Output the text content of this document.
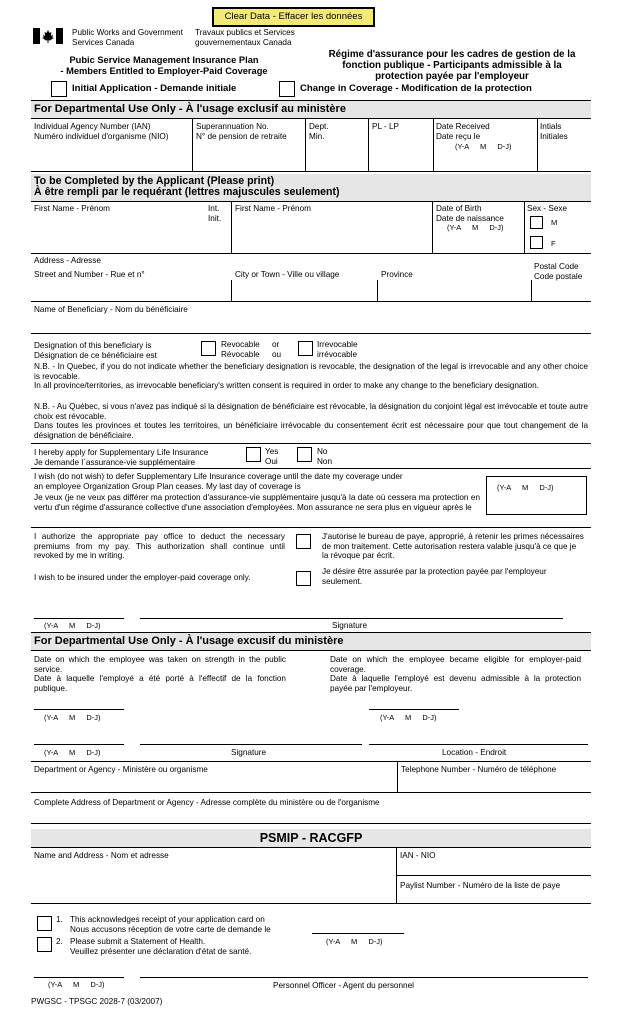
Clear Data - Effacer les données
Public Works and Government
Services Canada
Travaux publics et Services
gouvernementaux Canada
Pubic Service Management Insurance Plan
- Members Entitled to Employer-Paid Coverage
Régime d'assurance pour les cadres de gestion de la
fonction publique - Participants admissible à la
protection payée par l'employeur
Initial Application - Demande initiale	Change in Coverage - Modification de la protection
For Departmental Use Only - À l'usage exclusif au ministère
Individual Agency Number (IAN)
Numéro individuel d'organisme (NIO)
Superannuation No.
N° de pension de retraite
Dept.
Min.
PL - LP	Date Received
Date reçu le
(Y-A M D-J)
Intials
Initiales
To be Completed by the Applicant (Please print)
À être rempli par le requérant (lettres majuscules seulement)
First Name - Prénom	Int.
Init.
First Name - Prénom	Date of Birth
Date de naissance
(Y-A M D-J)
Sex - Sexe
M
F
Address - Adresse
Street and Number - Rue et n°	City or Town - Ville ou village	Province
Postal Code
Code postale
Name of Beneficiary - Nom du bénéficiaire
Designation of this beneficiary is
Désignation de ce bénéficiaire est
Revocable
Révocable
or
ou
Irrevocable
irrévocable
N.B. - In Quebec, if you do not indicate whether the beneficiary designation is revocable, the designation of the legal is irrevocable and any other choice is revocable.
In all province/territories, as irrevocable beneficiary's written consent is required in order to make any change to the beneficiary designation.
N.B. - Au Québec, si vous n'avez pas indiqué si la désignation de bénéficiaire est révocable, la désignation du conjoint légal est irrévocable et toute autre choix est révocable.
Dans toutes les provinces et toutes les territoires, un bénéficiaire irrévocable du consentement écrit est nécessaire pour que tout changement de la désignation de bénéficiaire.
I hereby apply for Supplementary Life Insurance
Je demande l`assurance-vie supplémentaire
Yes
Oui
No
Non
I wish (do not wish) to defer Supplementary Life Insurance coverage until the date my coverage under an employee Organization Group Plan ceases. My last day of coverage is
Je veux (je ne veux pas différer ma protection d'assurance-vie supplémentaire jusqu'à la date où cessera ma protection en vertu d'un régime d'assurance collective d'une association d'employées. Mon assurance ne sera plus en vigueur après le
(Y-A M D-J)
I authorize the appropriate pay office to deduct the necessary premiums from my pay. This authorization shall continue until revoked by me in writing.
J'autorise le bureau de paye, approprié, à retenir les primes nécessaires de mon traitement. Cette autorisation restera valable jusqu'à ce que je la révoque par écrit.
I wish to be insured under the employer-paid coverage only.
Je désire être assurée par la protection payée par l'employeur seulement.
(Y-A M D-J)	Signature
For Departmental Use Only - À l'usage excusif du ministère
Date on which the employee was taken on strength in the public service.
Date à laquelle l'employé a été porté à l'effectif de la fonction publique.
Date on which the employee became eligible for employer-paid coverage.
Date à laquelle l'employé est devenu admissible à la protection payée par l'employeur.
(Y-A M D-J)	(Y-A M D-J)
(Y-A M D-J)	Signature	Location - Endroit
Department or Agency - Ministère ou organisme	Telephone Number - Numéro de téléphone
Complete Address of Department or Agency - Adresse complète du ministère ou de l'organisme
PSMIP - RACGFP
Name and Address - Nom et adresse	IAN - NIO
Paylist Number - Numéro de la liste de paye
1. This acknowledges receipt of your application card on
Nous accusons réception de votre carte de demande le
2. Please submit a Statement of Health.
Veuillez présenter une déclaration d'état de santé.
(Y-A M D-J)
(Y-A M D-J)	Personnel Officer - Agent du personnel
PWGSC - TPSGC 2028-7 (03/2007)
